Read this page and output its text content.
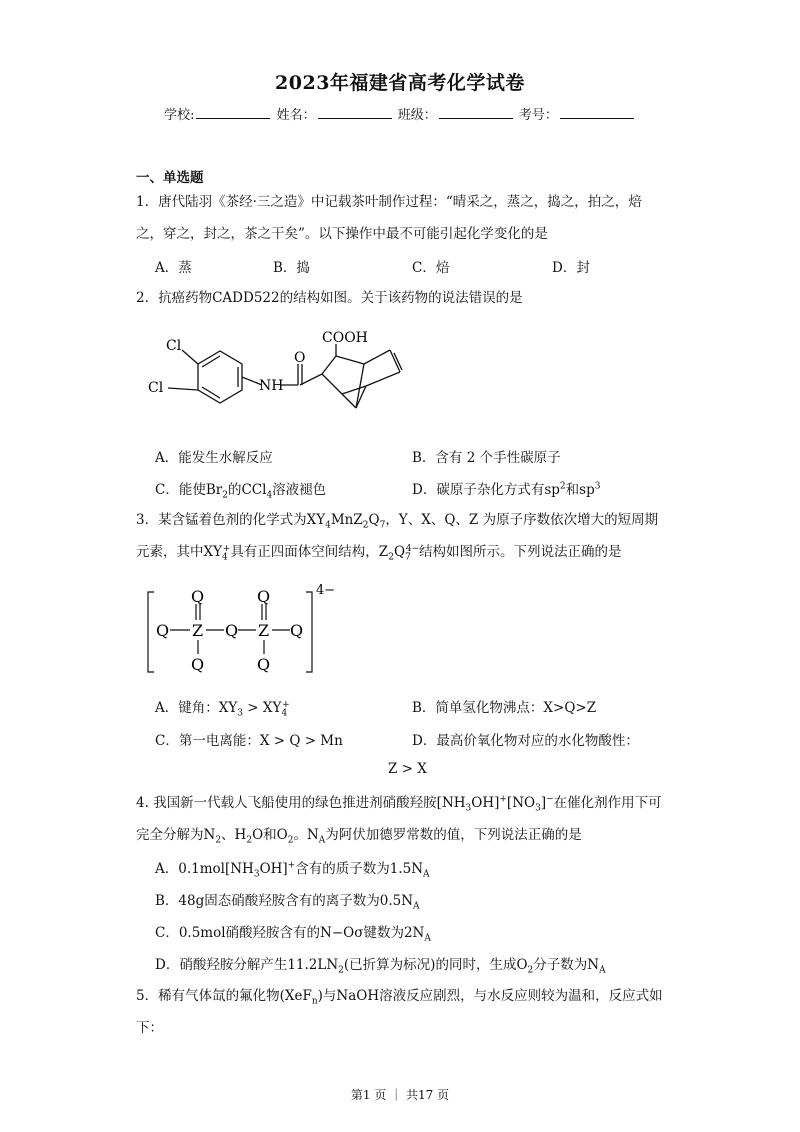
2023年福建省高考化学试卷
学校:	姓名：	班级：	考号：
一、单选题
1．唐代陆羽《茶经·三之造》中记载茶叶制作过程：“晴采之，蒸之，捣之，拍之，焙
之，穿之，封之，茶之干矣”。以下操作中最不可能引起化学变化的是
A．蒸	B．捣	C．焙	D．封
2．抗癌药物CADD522的结构如图。关于该药物的说法错误的是
Cl
Cl	NH
O
COOH
A．能发生水解反应	B．含有 2 个手性碳原子
C．能使$Br_2$的CCl$_4$溶液褪色	D．碳原子杂化方式有$sp^2$和$sp^3$
3．某含锰着色剂的化学式为$XY_4MnZ_2Q_7$，Y、X、Q、Z 为原子序数依次增大的短周期
元素，其中$XY_4^+$具有正四面体空间结构，$Z_2Q_7^{4-}$结构如图所示。下列说法正确的是
Q	Q
Q Z Q Z Q
Q	Q
4−
A．键角：$XY_3 > XY_4^+$	B．简单氢化物沸点：X>Q>Z
C．第一电离能：X > Q > Mn	D．最高价氧化物对应的水化物酸性：
Z > X
4. 我国新一代载人飞船使用的绿色推进剂硝酸羟胺$[NH_3OH]^+[NO_3]^-$在催化剂作用下可
完全分解为$N_2$、$H_2O$和$O_2$。$N_A$为阿伏加德罗常数的值，下列说法正确的是
A．$0.1mol[NH_3OH]^+$含有的质子数为$1.5N_A$
B．48g固态硝酸羟胺含有的离子数为$0.5N_A$
C．0.5mol硝酸羟胺含有的N−Oσ键数为$2N_A$
D．硝酸羟胺分解产生$11.2LN_2$(已折算为标况)的同时，生成$O_2$分子数为$N_A$
5．稀有气体氙的氟化物(XeF$_n$)与NaOH溶液反应剧烈，与水反应则较为温和，反应式如
下：
第1 页 ｜ 共17 页
